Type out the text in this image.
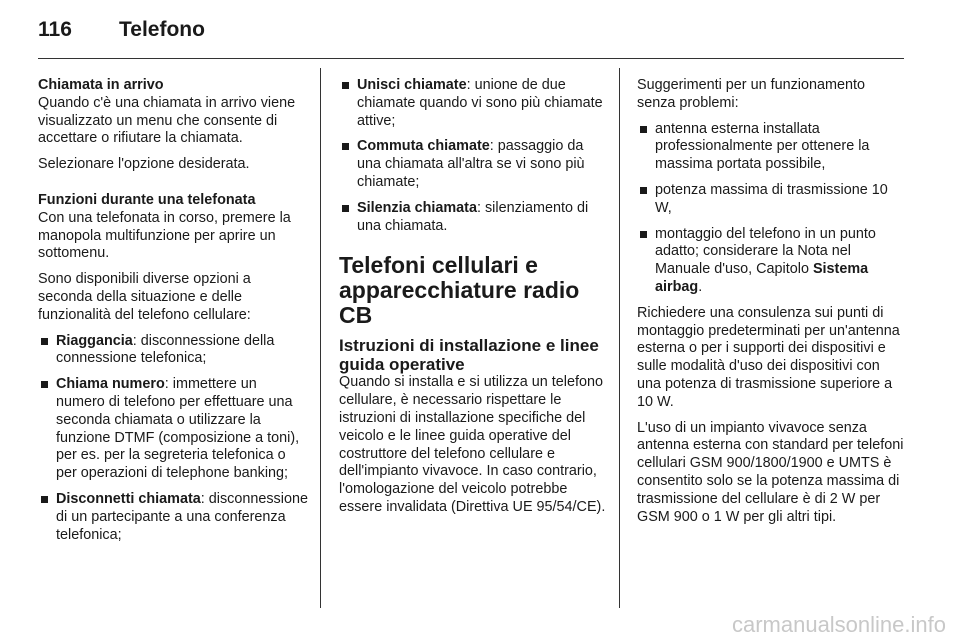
116 Telefono

Chiamata in arrivo
Quando c'è una chiamata in arrivo viene visualizzato un menu che consente di accettare o rifiutare la chiamata.

Selezionare l'opzione desiderata.

Funzioni durante una telefonata
Con una telefonata in corso, premere la manopola multifunzione per aprire un sottomenu.

Sono disponibili diverse opzioni a seconda della situazione e delle funzionalità del telefono cellulare:

Riaggancia: disconnessione della connessione telefonica;
Chiama numero: immettere un numero di telefono per effettuare una seconda chiamata o utilizzare la funzione DTMF (composizione a toni), per es. per la segreteria telefonica o per operazioni di telephone banking;
Disconnetti chiamata: disconnessione di un partecipante a una conferenza telefonica;
Unisci chiamate: unione de due chiamate quando vi sono più chiamate attive;
Commuta chiamate: passaggio da una chiamata all'altra se vi sono più chiamate;
Silenzia chiamata: silenziamento di una chiamata.
Telefoni cellulari e apparecchiature radio CB
Istruzioni di installazione e linee guida operative

Quando si installa e si utilizza un telefono cellulare, è necessario rispettare le istruzioni di installazione specifiche del veicolo e le linee guida operative del costruttore del telefono cellulare e dell'impianto vivavoce. In caso contrario, l'omologazione del veicolo potrebbe essere invalidata (Direttiva UE 95/54/CE).

Suggerimenti per un funzionamento senza problemi:

antenna esterna installata professionalmente per ottenere la massima portata possibile,
potenza massima di trasmissione 10 W,
montaggio del telefono in un punto adatto; considerare la Nota nel Manuale d'uso, Capitolo Sistema airbag.

Richiedere una consulenza sui punti di montaggio predeterminati per un'antenna esterna o per i supporti dei dispositivi e sulle modalità d'uso dei dispositivi con una potenza di trasmissione superiore a 10 W.

L'uso di un impianto vivavoce senza antenna esterna con standard per telefoni cellulari GSM 900/1800/1900 e UMTS è consentito solo se la potenza massima di trasmissione del cellulare è di 2 W per GSM 900 o 1 W per gli altri tipi.

carmanualsonline.info
